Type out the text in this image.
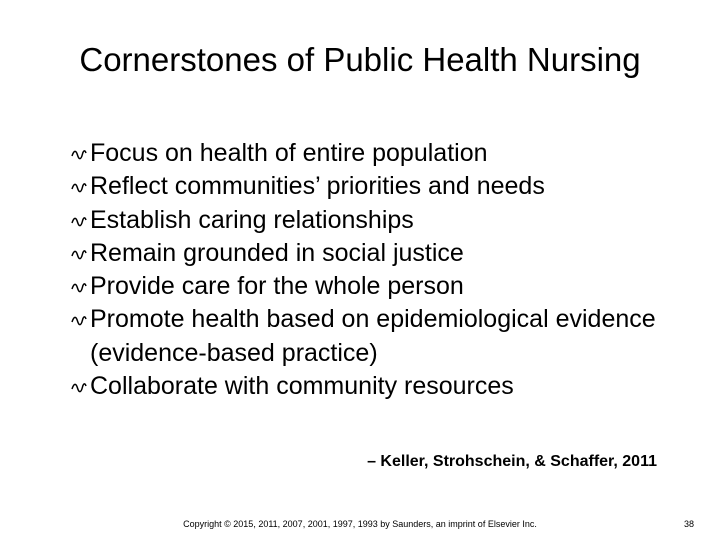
Cornerstones of Public Health Nursing
Focus on health of entire population
Reflect communities’ priorities and needs
Establish caring relationships
Remain grounded in social justice
Provide care for the whole person
Promote health based on epidemiological evidence (evidence-based practice)
Collaborate with community resources
– Keller, Strohschein, & Schaffer, 2011
Copyright © 2015, 2011, 2007, 2001, 1997, 1993 by Saunders, an imprint of Elsevier Inc.	38
